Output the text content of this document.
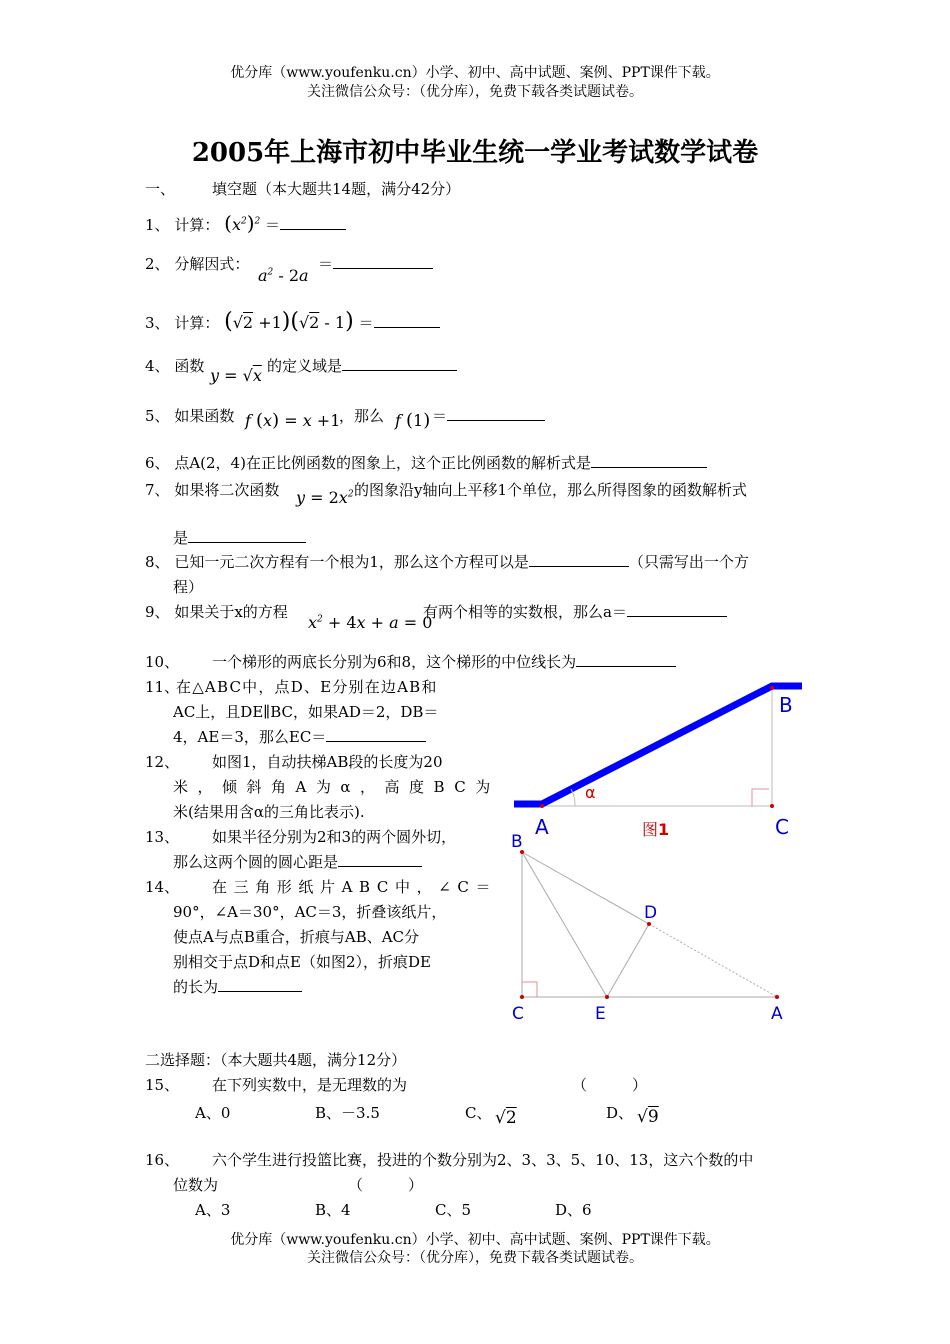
优分库（www.youfenku.cn）小学、初中、高中试题、案例、PPT课件下载。
关注微信公众号：（优分库），免费下载各类试题试卷。
2005年上海市初中毕业生统一学业考试数学试卷
一、 填空题（本大题共14题，满分42分）
1、 计算： $(x^2)^2$ ＝
2、 分解因式：
$a^2 - 2a$
＝
3、 计算： (√2 +1)(√2 - 1) ＝
4、 函数 y = √x 的定义域是
5、 如果函数 f (x) = x +1
，那么 f (1) ＝
6、 点A(2，4)在正比例函数的图象上，这个正比例函数的解析式是
7、 如果将二次函数 $y = 2x^2$ 的图象沿y轴向上平移1个单位，那么所得图象的函数解析式
是
8、 已知一元二次方程有一个根为1，那么这个方程可以是	（只需写出一个方
程）
9、 如果关于x的方程
$x^2 + 4x + a = 0$
有两个相等的实数根，那么a＝
10、 一个梯形的两底长分别为6和8，这个梯形的中位线长为
11、
在△ABC中，点D、E分别在边AB和
AC上，且DE∥BC，如果AD＝2，DB＝
4，AE＝3，那么EC＝
12、 如图1，自动扶梯AB段的长度为20
米，倾斜角A为α，高度BC为
米(结果用含α的三角比表示).
13、 如果半径分别为2和3的两个圆外切，
那么这两个圆的圆心距是
14、 在三角形纸片ABC中，∠C＝
90°，∠A＝30°，AC＝3，折叠该纸片，
使点A与点B重合，折痕与AB、AC分
别相交于点D和点E（如图2），折痕DE
的长为
α
A
B
C
图1
B
C	E
D
A
二选择题：（本大题共4题，满分12分）
15、 在下列实数中，是无理数的为	（　　　）
A、0	B、－3.5	C、 √2	D、 √9
16、 六个学生进行投篮比赛，投进的个数分别为2、3、3、5、10、13，这六个数的中
位数为	（　　　）
A、3	B、4	C、5	D、6
优分库（www.youfenku.cn）小学、初中、高中试题、案例、PPT课件下载。
关注微信公众号：（优分库），免费下载各类试题试卷。
